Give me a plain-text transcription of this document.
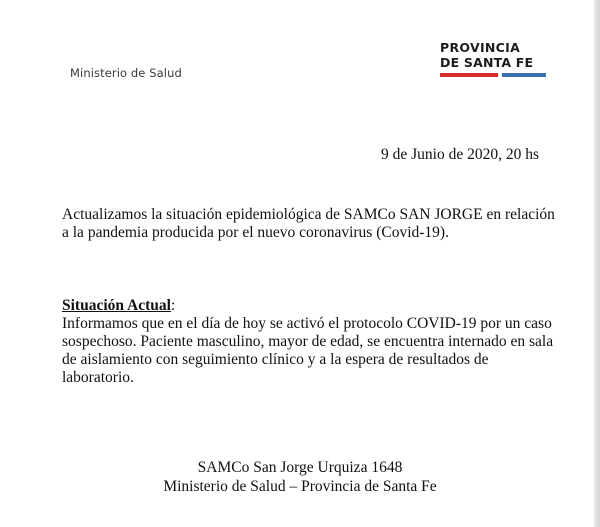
Ministerio de Salud
PROVINCIA
DE SANTA FE
9 de Junio de 2020, 20 hs
Actualizamos la situación epidemiológica de SAMCo SAN JORGE en relación a la pandemia producida por el nuevo coronavirus (Covid-19).
Situación Actual:
Informamos que en el día de hoy se activó el protocolo COVID-19 por un caso sospechoso. Paciente masculino, mayor de edad, se encuentra internado en sala de aislamiento con seguimiento clínico y a la espera de resultados de laboratorio.
SAMCo San Jorge Urquiza 1648
Ministerio de Salud – Provincia de Santa Fe
